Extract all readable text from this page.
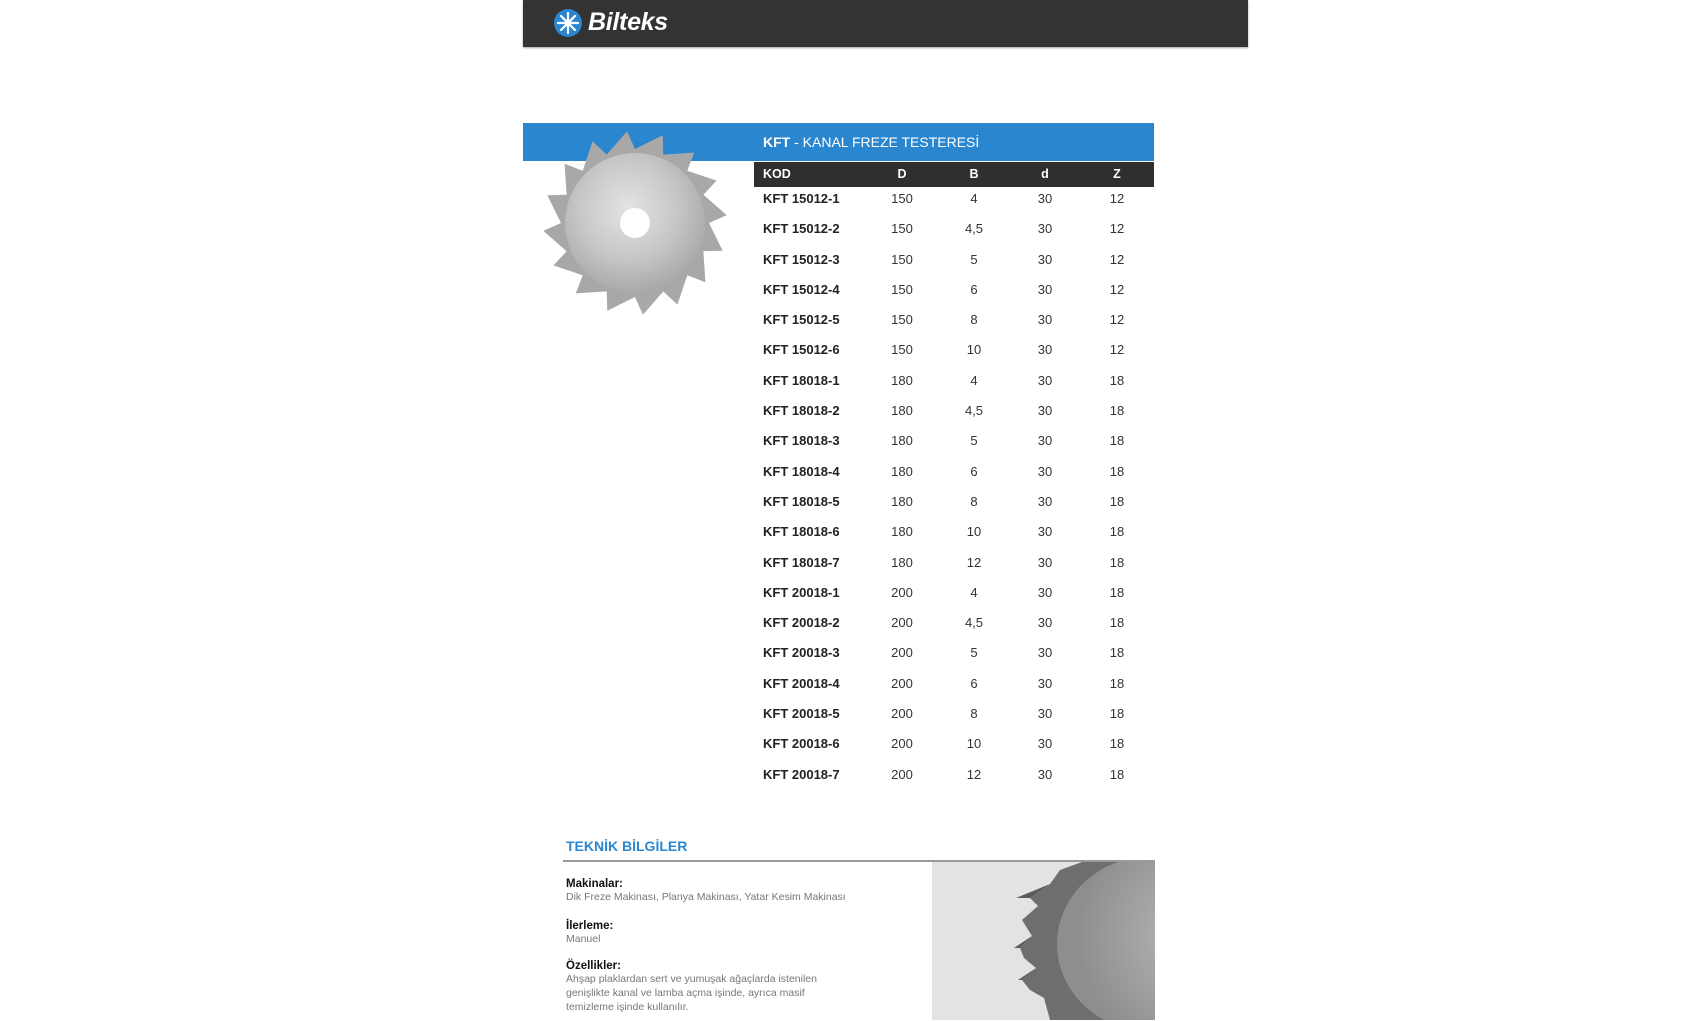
Bilteks
KFT - KANAL FREZE TESTERESİ
KOD	D	B	d	Z
KFT 15012-1	150	4	30	12
KFT 15012-2	150	4,5	30	12
KFT 15012-3	150	5	30	12
KFT 15012-4	150	6	30	12
KFT 15012-5	150	8	30	12
KFT 15012-6	150	10	30	12
KFT 18018-1	180	4	30	18
KFT 18018-2	180	4,5	30	18
KFT 18018-3	180	5	30	18
KFT 18018-4	180	6	30	18
KFT 18018-5	180	8	30	18
KFT 18018-6	180	10	30	18
KFT 18018-7	180	12	30	18
KFT 20018-1	200	4	30	18
KFT 20018-2	200	4,5	30	18
KFT 20018-3	200	5	30	18
KFT 20018-4	200	6	30	18
KFT 20018-5	200	8	30	18
KFT 20018-6	200	10	30	18
KFT 20018-7	200	12	30	18
TEKNİK BİLGİLER
Makinalar:
Dik Freze Makinası, Planya Makinası, Yatar Kesim Makinası
İlerleme:
Manuel
Özellikler:
Ahşap plaklardan sert ve yumuşak ağaçlarda istenilen
genişlikte kanal ve lamba açma işinde, ayrıca masif
temizleme işinde kullanılır.
